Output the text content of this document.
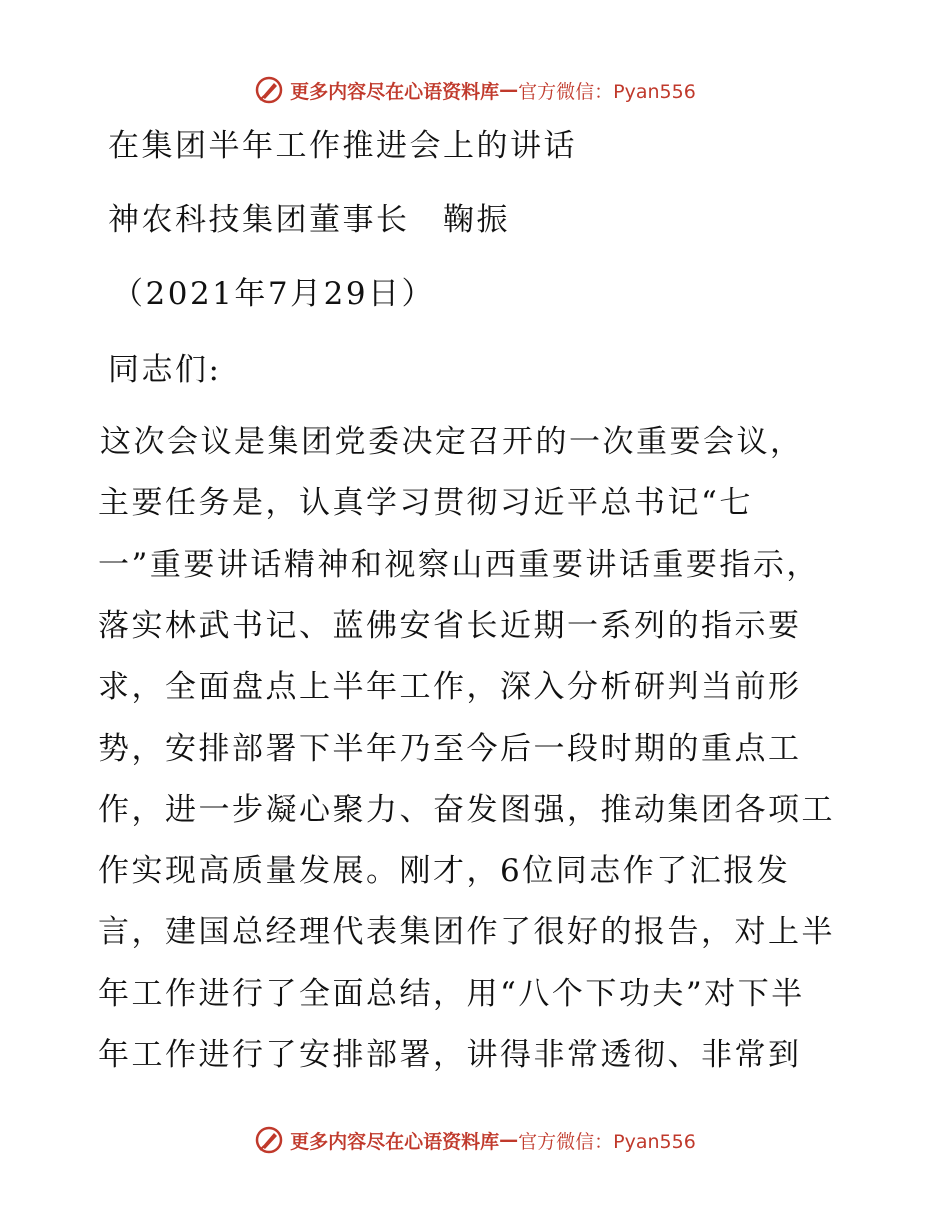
更多内容尽在心语资料库 — 官方微信：Pyan556
在集团半年工作推进会上的讲话
神农科技集团董事长　鞠振
（2021年7月29日）
同志们:
这次会议是集团党委决定召开的一次重要会议，
主要任务是，认真学习贯彻习近平总书记“七
一”重要讲话精神和视察山西重要讲话重要指示，
落实林武书记、蓝佛安省长近期一系列的指示要
求，全面盘点上半年工作，深入分析研判当前形
势，安排部署下半年乃至今后一段时期的重点工
作，进一步凝心聚力、奋发图强，推动集团各项工
作实现高质量发展。刚才，6位同志作了汇报发
言，建国总经理代表集团作了很好的报告，对上半
年工作进行了全面总结，用“八个下功夫”对下半
年工作进行了安排部署，讲得非常透彻、非常到
更多内容尽在心语资料库 — 官方微信：Pyan556
